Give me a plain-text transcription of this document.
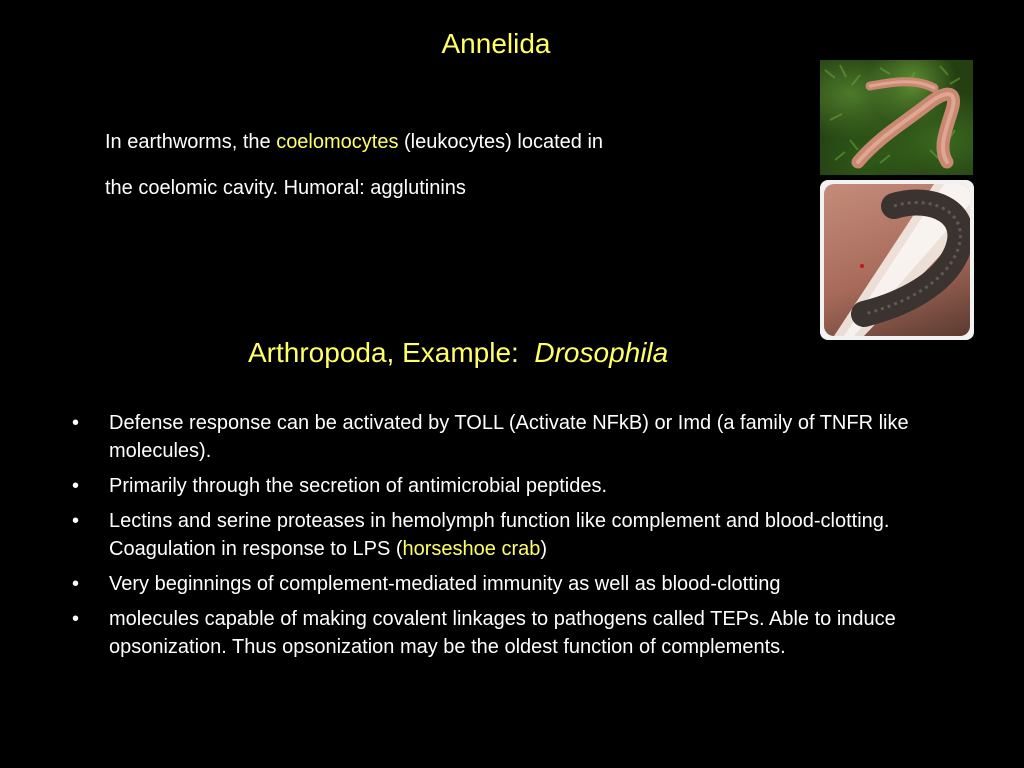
Annelida
In earthworms, the coelomocytes (leukocytes) located in
the coelomic cavity. Humoral: agglutinins
Arthropoda, Example:  Drosophila
• Defense response can be activated by TOLL (Activate NFkB) or Imd (a family of TNFR like molecules).
• Primarily through the secretion of antimicrobial peptides.
• Lectins and serine proteases in hemolymph function like complement and blood-clotting. Coagulation in response to LPS (horseshoe crab)
• Very beginnings of complement-mediated immunity as well as blood-clotting
• molecules capable of making covalent linkages to pathogens called TEPs. Able to induce opsonization. Thus opsonization may be the oldest function of complements.
